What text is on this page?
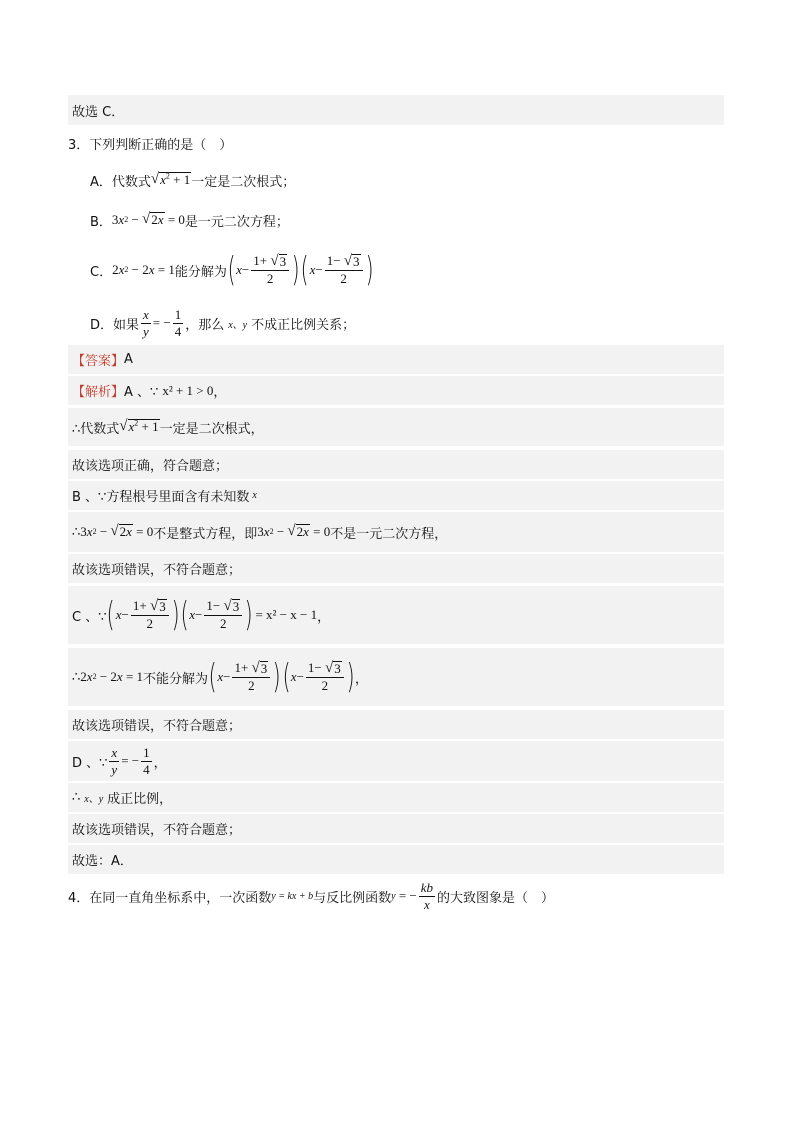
故选 C．
3．下列判断正确的是（　）
A．代数式 √ $x^2 + 1$ 一定是二次根式；
B． 3 x 2 − √ 2x = 0 是一元二次方程；
C． 2 x 2 − 2 x = 1 能分解为 ( $x - \frac{1+ √ 3}{2}$ ) ( $x - \frac{1- √ 3}{2}$ )
D．如果 $\frac{x}{y}$ = − $\frac{1}{4}$ ，那么 x、y 不成正比例关系；
【答案】 A
【解析】 A 、∵ x² + 1 > 0 ，
∴代数式 √ $x^2 + 1$ 一定是二次根式，
故该选项正确，符合题意；
B 、∵方程根号里面含有未知数 x
∴ 3 x 2 − √ 2x = 0 不是整式方程，即 3 x 2 − √ 2x = 0 不是一元二次方程，
故该选项错误，不符合题意；
C 、∵ ( $x - \frac{1+ √ 3}{2}$ ) ( $x - \frac{1- √ 3}{2}$ ) = x² − x − 1 ，
∴ 2 x 2 − 2 x = 1 不能分解为 ( $x - \frac{1+ √ 3}{2}$ ) ( $x - \frac{1- √ 3}{2}$ ) ，
故该选项错误，不符合题意；
D 、∵ $\frac{x}{y}$ = − $\frac{1}{4}$ ，
∴ x、y 成正比例，
故该选项错误，不符合题意；
故选：A．
4．在同一直角坐标系中，一次函数 y = kx + b 与反比例函数 y = − $\frac{kb}{x}$ 的大致图象是（　）
